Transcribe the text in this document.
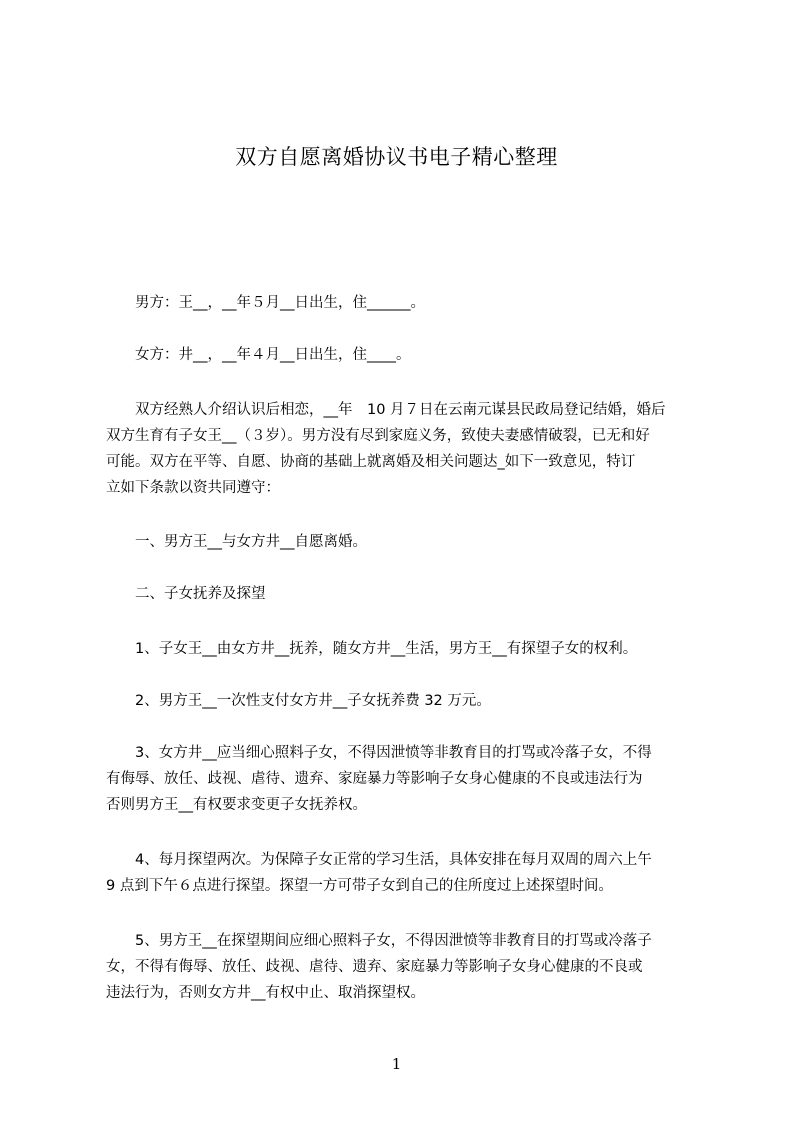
双方自愿离婚协议书电子精心整理
　　男方：王__，__年５月__日出生，住______。
　　女方：井__，__年４月__日出生，住____。
　　双方经熟人介绍认识后相恋，__年　10 月７日在云南元谋县民政局登记结婚，婚后
双方生育有子女王__（３岁）。男方没有尽到家庭义务，致使夫妻感情破裂，已无和好
可能。双方在平等、自愿、协商的基础上就离婚及相关问题达_如下一致意见，特订
立如下条款以资共同遵守：
　　一、男方王__与女方井__自愿离婚。
　　二、子女抚养及探望
　　1、子女王__由女方井__抚养，随女方井__生活，男方王__有探望子女的权利。
　　2、男方王__一次性支付女方井__子女抚养费 32 万元。
　　3、女方井__应当细心照料子女，不得因泄愤等非教育目的打骂或冷落子女，不得
有侮辱、放任、歧视、虐待、遗弃、家庭暴力等影响子女身心健康的不良或违法行为
否则男方王__有权要求变更子女抚养权。
　　4、每月探望两次。为保障子女正常的学习生活，具体安排在每月双周的周六上午
9 点到下午６点进行探望。探望一方可带子女到自己的住所度过上述探望时间。
　　5、男方王__在探望期间应细心照料子女，不得因泄愤等非教育目的打骂或冷落子
女，不得有侮辱、放任、歧视、虐待、遗弃、家庭暴力等影响子女身心健康的不良或
违法行为，否则女方井__有权中止、取消探望权。
1
